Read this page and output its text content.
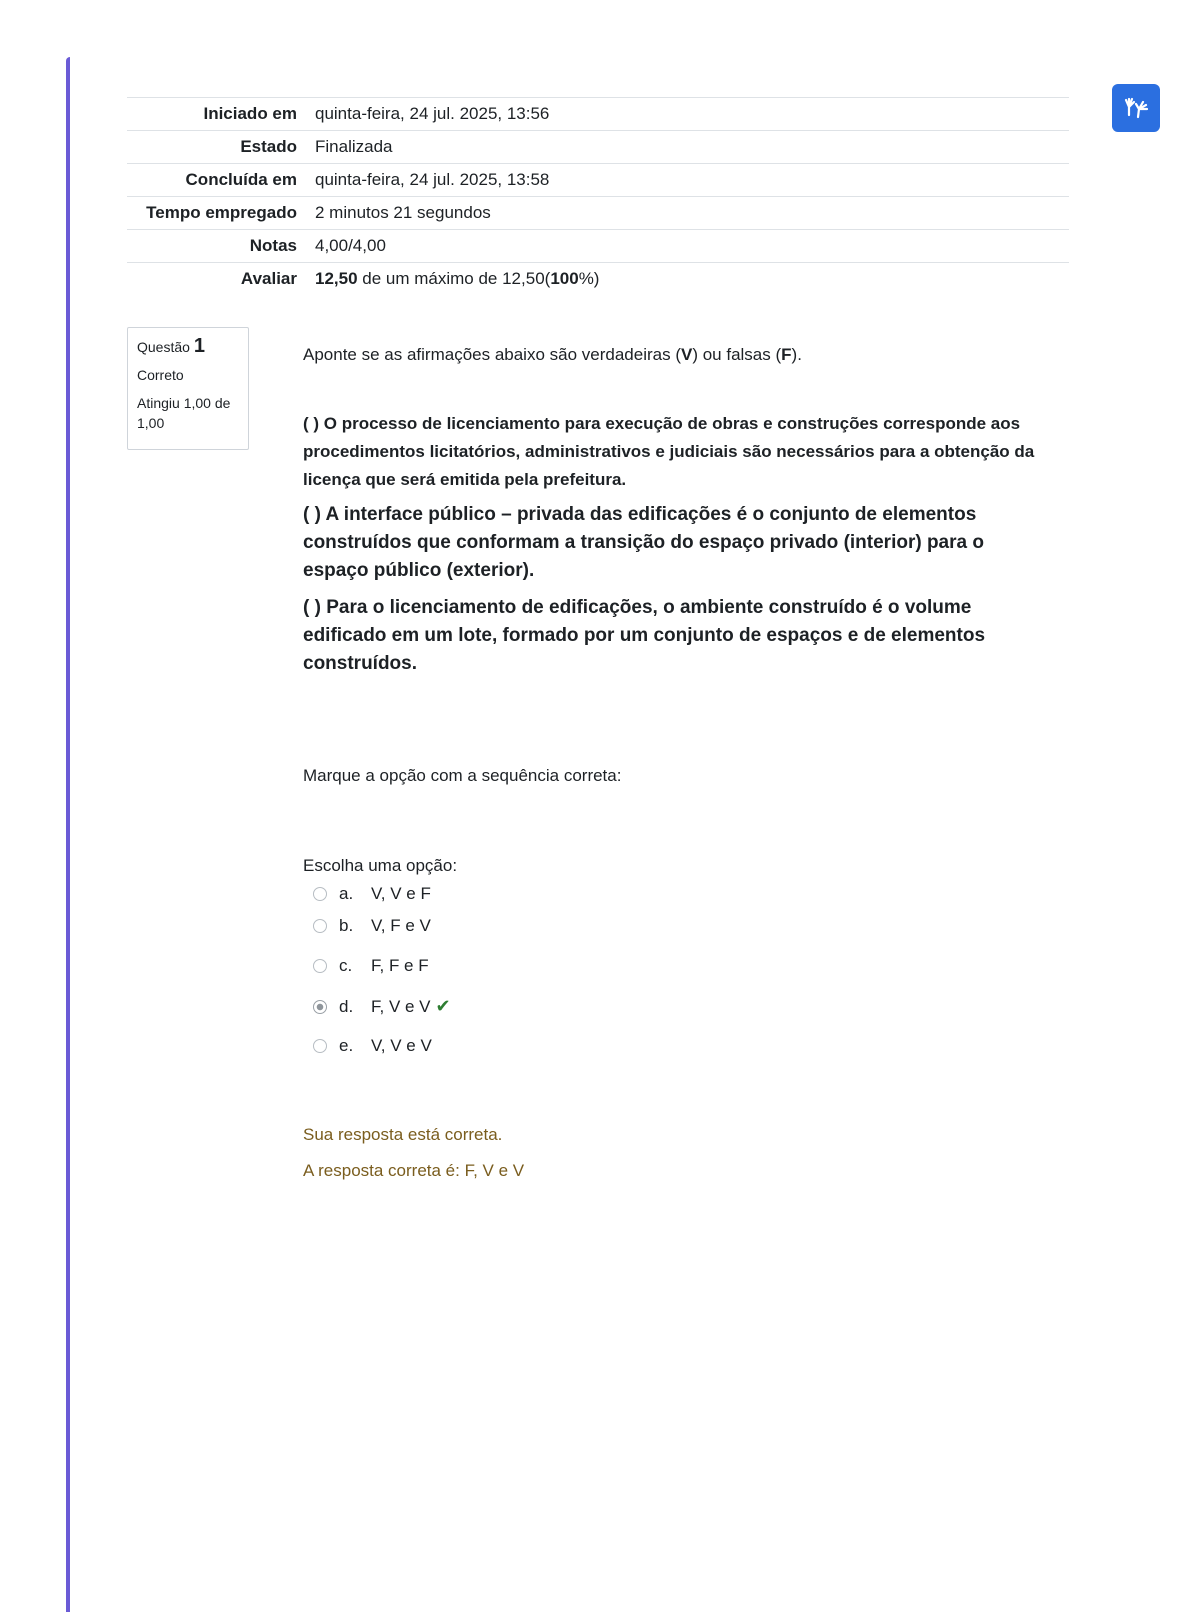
Iniciado em	quinta-feira, 24 jul. 2025, 13:56
Estado	Finalizada
Concluída em	quinta-feira, 24 jul. 2025, 13:58
Tempo empregado	2 minutos 21 segundos
Notas	4,00/4,00
Avaliar	12,50 de um máximo de 12,50(100%)
Questão 1
Correto
Atingiu 1,00 de 1,00
Aponte se as afirmações abaixo são verdadeiras (V) ou falsas (F).
( ) O processo de licenciamento para execução de obras e construções corresponde aos procedimentos licitatórios, administrativos e judiciais são necessários para a obtenção da licença que será emitida pela prefeitura.
( ) A interface público – privada das edificações é o conjunto de elementos construídos que conformam a transição do espaço privado (interior) para o espaço público (exterior).
( ) Para o licenciamento de edificações, o ambiente construído é o volume edificado em um lote, formado por um conjunto de espaços e de elementos construídos.
Marque a opção com a sequência correta:
Escolha uma opção:
a.	V, V e F
b.	V, F e V
c.	F, F e F
d.	F, V e V ✔
e.	V, V e V
Sua resposta está correta.
A resposta correta é: F, V e V
